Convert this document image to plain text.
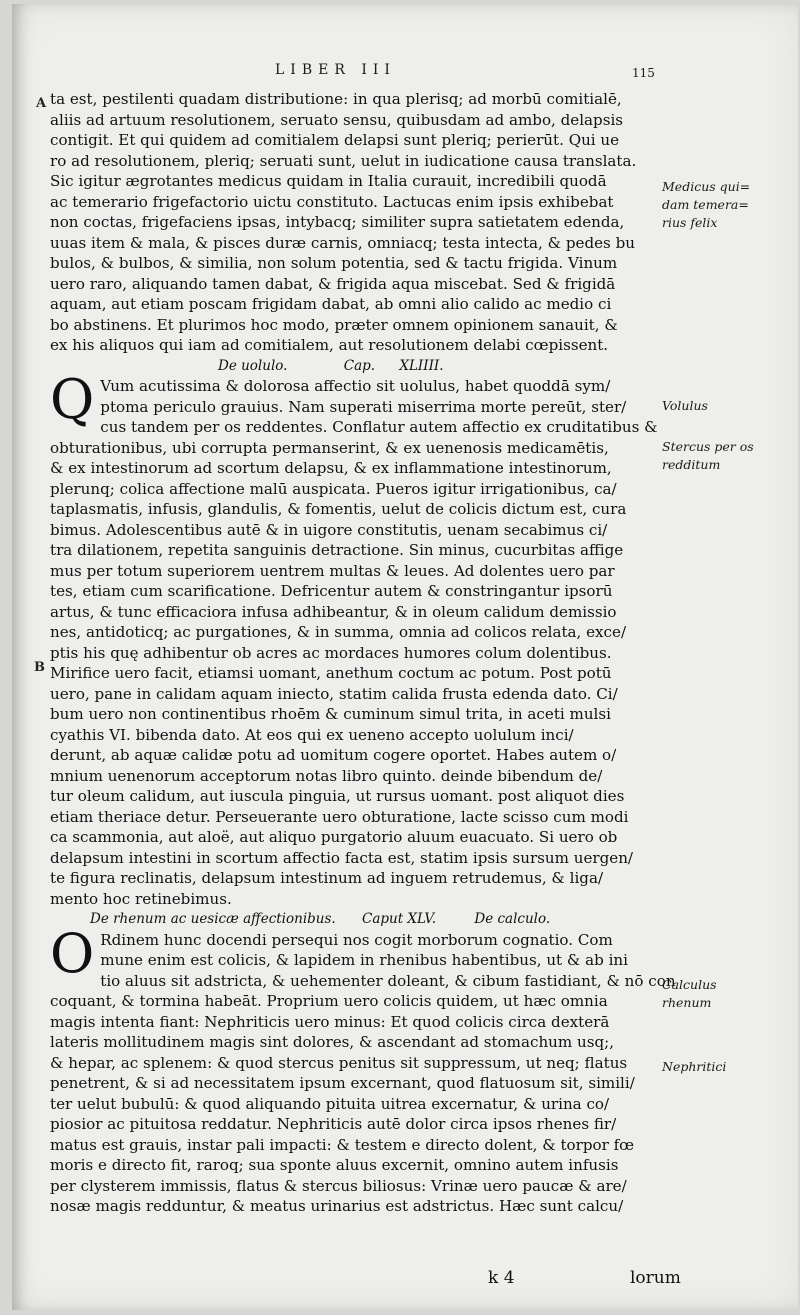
LIBER III	115
A
B
ta est, pestilenti quadam distributione: in qua plerisq; ad morbū comitialē,
aliis ad artuum resolutionem, seruato sensu, quibusdam ad ambo, delapsis
contigit. Et qui quidem ad comitialem delapsi sunt pleriq; perierūt. Qui ue
ro ad resolutionem, pleriq; seruati sunt, uelut in iudicatione causa translata.
Sic igitur ægrotantes medicus quidam in Italia curauit, incredibili quodā
ac temerario frigefactorio uictu constituto. Lactucas enim ipsis exhibebat
non coctas, frigefaciens ipsas, intybacq; similiter supra satietatem edenda,
uuas item & mala, & pisces duræ carnis, omniacq; testa intecta, & pedes bu
bulos, & bulbos, & similia, non solum potentia, sed & tactu frigida. Vinum
uero raro, aliquando tamen dabat, & frigida aqua miscebat. Sed & frigidā
aquam, aut etiam poscam frigidam dabat, ab omni alio calido ac medio ci
bo abstinens. Et plurimos hoc modo, præter omnem opinionem sanauit, &
ex his aliquos qui iam ad comitialem, aut resolutionem delabi cœpissent.
De uolulo.	Cap. XLIIII.
Q Vum acutissima & dolorosa affectio sit uolulus, habet quoddā sym/
ptoma periculo grauius. Nam superati miserrima morte pereūt, ster/
cus tandem per os reddentes. Conflatur autem affectio ex cruditatibus &
obturationibus, ubi corrupta permanserint, & ex uenenosis medicamētis,
& ex intestinorum ad scortum delapsu, & ex inflammatione intestinorum,
plerunq; colica affectione malū auspicata. Pueros igitur irrigationibus, ca/
taplasmatis, infusis, glandulis, & fomentis, uelut de colicis dictum est, cura
bimus. Adolescentibus autē & in uigore constitutis, uenam secabimus ci/
tra dilationem, repetita sanguinis detractione. Sin minus, cucurbitas affige
mus per totum superiorem uentrem multas & leues. Ad dolentes uero par
tes, etiam cum scarificatione. Defricentur autem & constringantur ipsorū
artus, & tunc efficaciora infusa adhibeantur, & in oleum calidum demissio
nes, antidoticq; ac purgationes, & in summa, omnia ad colicos relata, exce/
ptis his quę adhibentur ob acres ac mordaces humores colum dolentibus.
Mirifice uero facit, etiamsi uomant, anethum coctum ac potum. Post potū
uero, pane in calidam aquam iniecto, statim calida frusta edenda dato. Ci/
bum uero non continentibus rhoēm & cuminum simul trita, in aceti mulsi
cyathis VI. bibenda dato. At eos qui ex ueneno accepto uolulum inci/
derunt, ab aquæ calidæ potu ad uomitum cogere oportet. Habes autem o/
mnium uenenorum acceptorum notas libro quinto. deinde bibendum de/
tur oleum calidum, aut iuscula pinguia, ut rursus uomant. post aliquot dies
etiam theriace detur. Perseuerante uero obturatione, lacte scisso cum modi
ca scammonia, aut aloë, aut aliquo purgatorio aluum euacuato. Si uero ob
delapsum intestini in scortum affectio facta est, statim ipsis sursum uergen/
te figura reclinatis, delapsum intestinum ad inguem retrudemus, & liga/
mento hoc retinebimus.
De rhenum ac uesicæ affectionibus. Caput XLV.	De calculo.
O Rdinem hunc docendi persequi nos cogit morborum cognatio. Com
mune enim est colicis, & lapidem in rhenibus habentibus, ut & ab ini
tio aluus sit adstricta, & uehementer doleant, & cibum fastidiant, & nō con
coquant, & tormina habeāt. Proprium uero colicis quidem, ut hæc omnia
magis intenta fiant: Nephriticis uero minus: Et quod colicis circa dexterā
lateris mollitudinem magis sint dolores, & ascendant ad stomachum usq;,
& hepar, ac splenem: & quod stercus penitus sit suppressum, ut neq; flatus
penetrent, & si ad necessitatem ipsum excernant, quod flatuosum sit, simili/
ter uelut bubulū: & quod aliquando pituita uitrea excernatur, & urina co/
piosior ac pituitosa reddatur. Nephriticis autē dolor circa ipsos rhenes fir/
matus est grauis, instar pali impacti: & testem e directo dolent, & torpor fœ
moris e directo fit, raroq; sua sponte aluus excernit, omnino autem infusis
per clysterem immissis, flatus & stercus biliosus: Vrinæ uero paucæ & are/
nosæ magis redduntur, & meatus urinarius est adstrictus. Hæc sunt calcu/
Medicus qui=
dam temera=
rius felix
Volulus
Stercus per os
redditum
Calculus
rhenum
Nephritici
k 4	lorum
